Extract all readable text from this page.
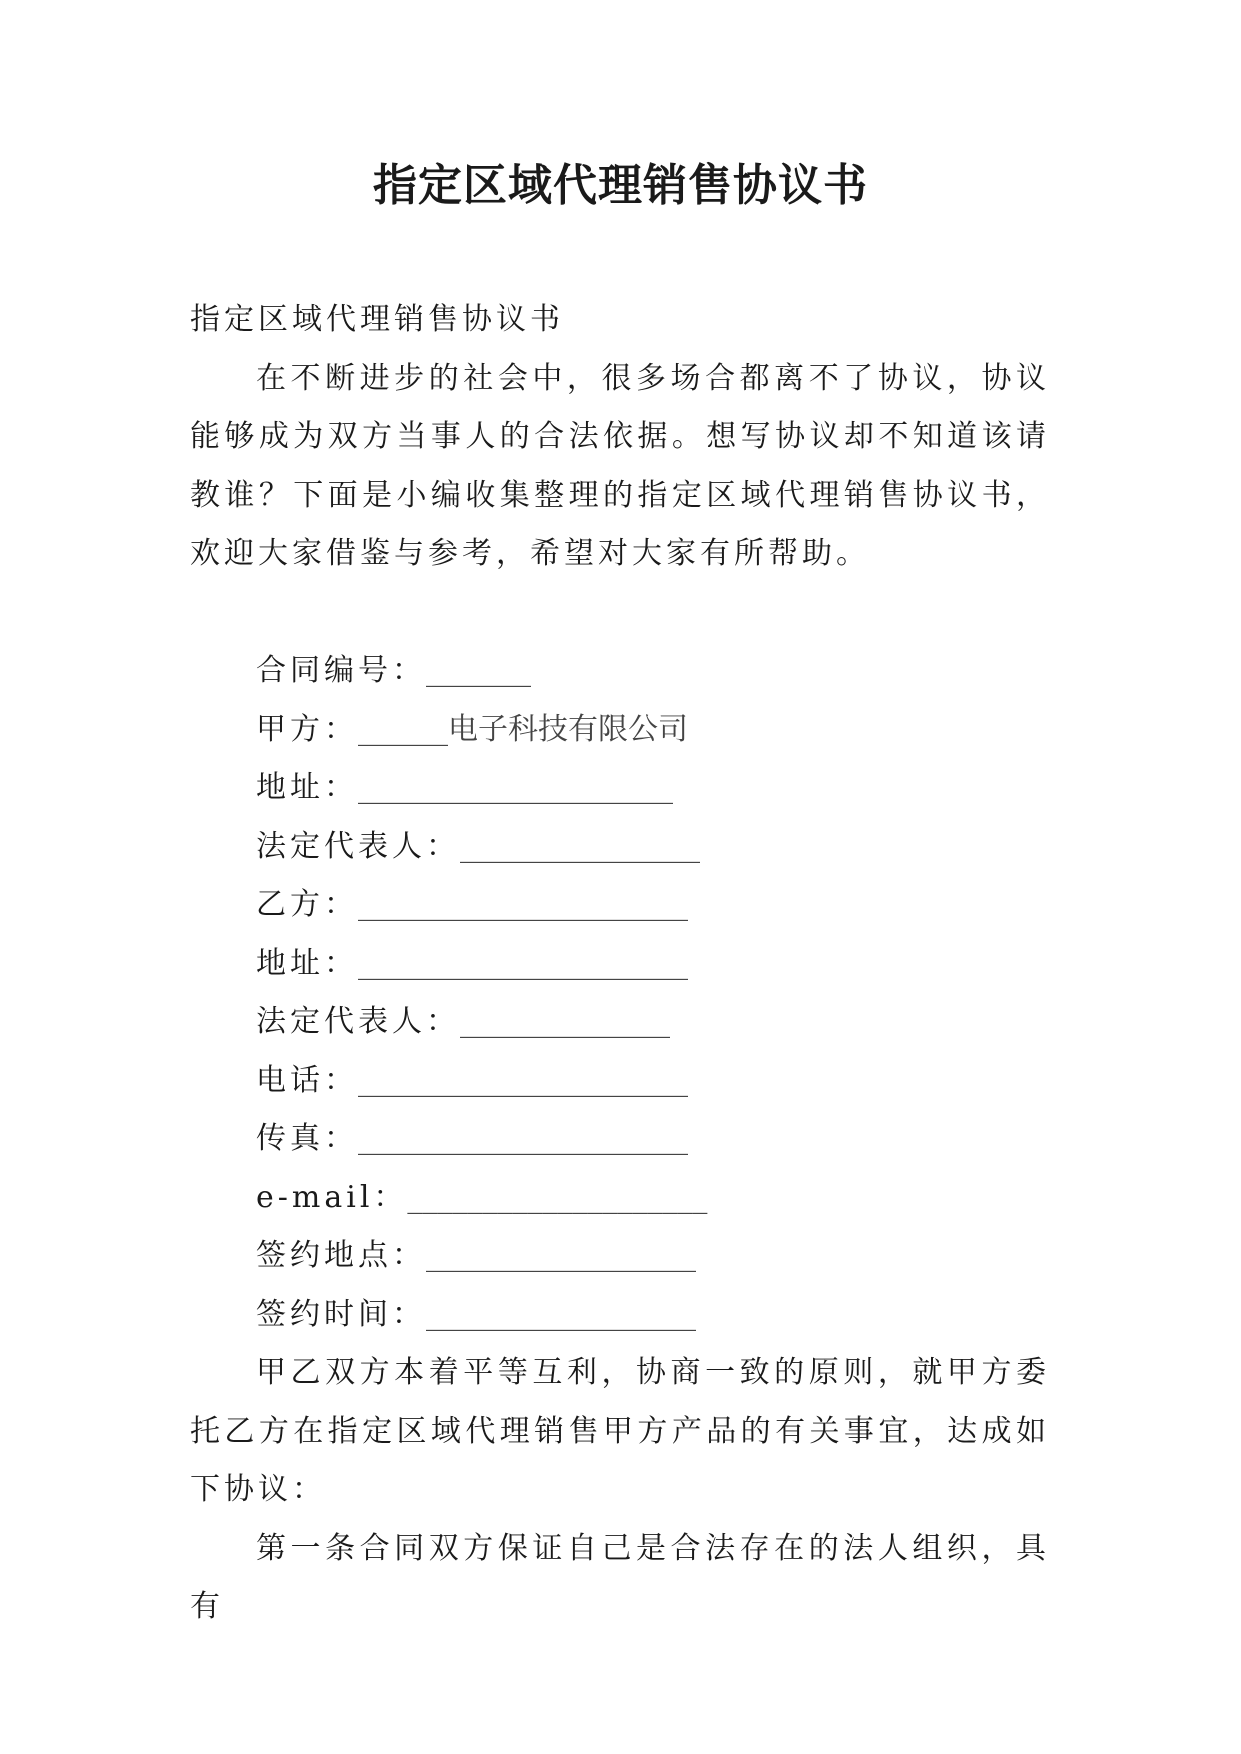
指定区域代理销售协议书

指定区域代理销售协议书

在不断进步的社会中，很多场合都离不了协议，协议能够成为双方当事人的合法依据。想写协议却不知道该请教谁？下面是小编收集整理的指定区域代理销售协议书，欢迎大家借鉴与参考，希望对大家有所帮助。

合同编号：_______

甲方：______电子科技有限公司

地址：_____________________

法定代表人：________________

乙方：______________________

地址：______________________

法定代表人：______________

电话：______________________

传真：______________________

e-mail：____________________

签约地点：__________________

签约时间：__________________

甲乙双方本着平等互利，协商一致的原则，就甲方委托乙方在指定区域代理销售甲方产品的有关事宜，达成如下协议：

第一条合同双方保证自己是合法存在的法人组织，具有
